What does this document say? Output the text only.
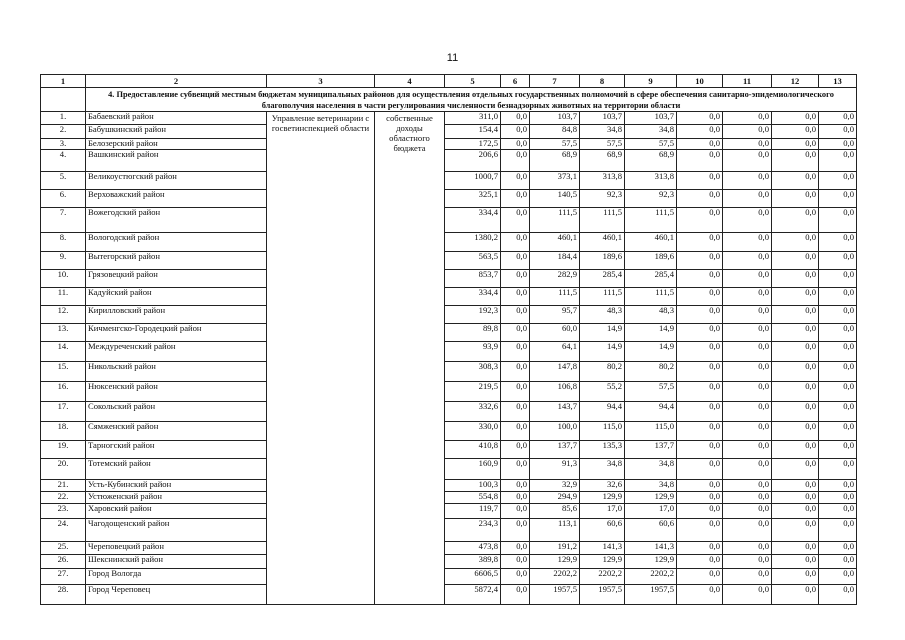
11
1	2	3	4	5	6	7	8	9	10	11	12	13
	4. Предоставление субвенций местным бюджетам муниципальных районов для осуществления отдельных государственных полномочий в сфере обеспечения санитарно-эпидемиологического благополучия населения в части регулирования численности безнадзорных животных на территории области											
1.	Бабаевский район	Управление ветеринарии с госветинспекцией области	собственные доходы областного бюджета	311,0	0,0	103,7	103,7	103,7	0,0	0,0	0,0	0,0
2.	Бабушкинский район			154,4	0,0	84,8	34,8	34,8	0,0	0,0	0,0	0,0
3.	Белозерский район			172,5	0,0	57,5	57,5	57,5	0,0	0,0	0,0	0,0
4.	Вашкинский район			206,6	0,0	68,9	68,9	68,9	0,0	0,0	0,0	0,0
5.	Великоустюгский район			1000,7	0,0	373,1	313,8	313,8	0,0	0,0	0,0	0,0
6.	Верховажский район			325,1	0,0	140,5	92,3	92,3	0,0	0,0	0,0	0,0
7.	Вожегодский район			334,4	0,0	111,5	111,5	111,5	0,0	0,0	0,0	0,0
8.	Вологодский район			1380,2	0,0	460,1	460,1	460,1	0,0	0,0	0,0	0,0
9.	Вытегорский район			563,5	0,0	184,4	189,6	189,6	0,0	0,0	0,0	0,0
10.	Грязовецкий район			853,7	0,0	282,9	285,4	285,4	0,0	0,0	0,0	0,0
11.	Кадуйский район			334,4	0,0	111,5	111,5	111,5	0,0	0,0	0,0	0,0
12.	Кирилловский район			192,3	0,0	95,7	48,3	48,3	0,0	0,0	0,0	0,0
13.	Кичменгско-Городецкий район			89,8	0,0	60,0	14,9	14,9	0,0	0,0	0,0	0,0
14.	Междуреченский район			93,9	0,0	64,1	14,9	14,9	0,0	0,0	0,0	0,0
15.	Никольский район			308,3	0,0	147,8	80,2	80,2	0,0	0,0	0,0	0,0
16.	Нюксенский район			219,5	0,0	106,8	55,2	57,5	0,0	0,0	0,0	0,0
17.	Сокольский район			332,6	0,0	143,7	94,4	94,4	0,0	0,0	0,0	0,0
18.	Сямженский район			330,0	0,0	100,0	115,0	115,0	0,0	0,0	0,0	0,0
19.	Тарногский район			410,8	0,0	137,7	135,3	137,7	0,0	0,0	0,0	0,0
20.	Тотемский район			160,9	0,0	91,3	34,8	34,8	0,0	0,0	0,0	0,0
21.	Усть-Кубинский район			100,3	0,0	32,9	32,6	34,8	0,0	0,0	0,0	0,0
22.	Устюженский район			554,8	0,0	294,9	129,9	129,9	0,0	0,0	0,0	0,0
23.	Харовский район			119,7	0,0	85,6	17,0	17,0	0,0	0,0	0,0	0,0
24.	Чагодощенский район			234,3	0,0	113,1	60,6	60,6	0,0	0,0	0,0	0,0
25.	Череповецкий район			473,8	0,0	191,2	141,3	141,3	0,0	0,0	0,0	0,0
26.	Шекснинский район			389,8	0,0	129,9	129,9	129,9	0,0	0,0	0,0	0,0
27.	Город Вологда			6606,5	0,0	2202,2	2202,2	2202,2	0,0	0,0	0,0	0,0
28.	Город Череповец			5872,4	0,0	1957,5	1957,5	1957,5	0,0	0,0	0,0	0,0
